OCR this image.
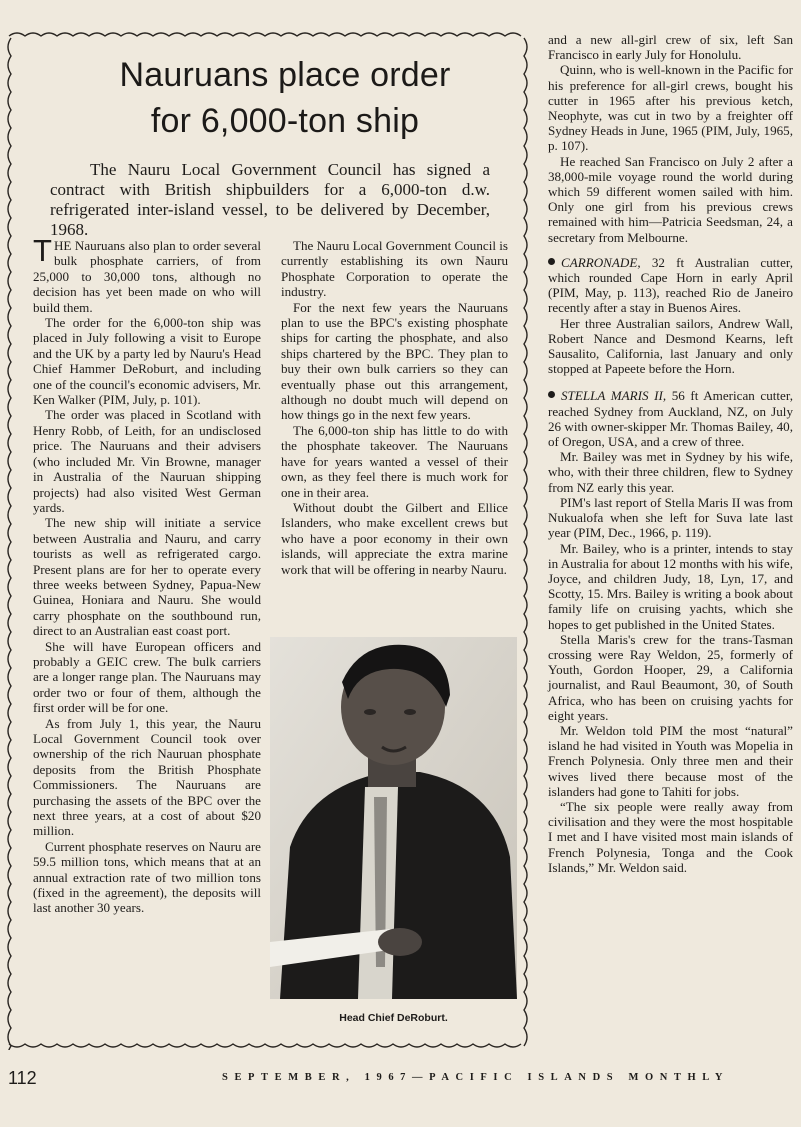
Nauruans place order
for 6,000-ton ship
The Nauru Local Government Council has signed a contract with British shipbuilders for a 6,000-ton d.w. refrigerated inter-island vessel, to be delivered by December, 1968.

THE Nauruans also plan to order several bulk phosphate carriers, of from 25,000 to 30,000 tons, although no decision has yet been made on who will build them.

The order for the 6,000-ton ship was placed in July following a visit to Europe and the UK by a party led by Nauru's Head Chief Hammer DeRoburt, and including one of the council's economic advisers, Mr. Ken Walker (PIM, July, p. 101).

The order was placed in Scotland with Henry Robb, of Leith, for an undisclosed price. The Nauruans and their advisers (who included Mr. Vin Browne, manager in Australia of the Nauruan shipping projects) had also visited West German yards.

The new ship will initiate a service between Australia and Nauru, and carry tourists as well as refrigerated cargo. Present plans are for her to operate every three weeks between Sydney, Papua-New Guinea, Honiara and Nauru. She would carry phosphate on the southbound run, direct to an Australian east coast port.

She will have European officers and probably a GEIC crew. The bulk carriers are a longer range plan. The Nauruans may order two or four of them, although the first order will be for one.

As from July 1, this year, the Nauru Local Government Council took over ownership of the rich Nauruan phosphate deposits from the British Phosphate Commissioners. The Nauruans are purchasing the assets of the BPC over the next three years, at a cost of about $20 million.

Current phosphate reserves on Nauru are 59.5 million tons, which means that at an annual extraction rate of two million tons (fixed in the agreement), the deposits will last another 30 years.

The Nauru Local Government Council is currently establishing its own Nauru Phosphate Corporation to operate the industry.

For the next few years the Nauruans plan to use the BPC's existing phosphate ships for carting the phosphate, and also ships chartered by the BPC. They plan to buy their own bulk carriers so they can eventually phase out this arrangement, although no doubt much will depend on how things go in the next few years.

The 6,000-ton ship has little to do with the phosphate takeover. The Nauruans have for years wanted a vessel of their own, as they feel there is much work for one in their area.

Without doubt the Gilbert and Ellice Islanders, who make excellent crews but who have a poor economy in their own islands, will appreciate the extra marine work that will be offering in nearby Nauru.

Head Chief DeRoburt.

and a new all-girl crew of six, left San Francisco in early July for Honolulu.

Quinn, who is well-known in the Pacific for his preference for all-girl crews, bought his cutter in 1965 after his previous ketch, Neophyte, was cut in two by a freighter off Sydney Heads in June, 1965 (PIM, July, 1965, p. 107).

He reached San Francisco on July 2 after a 38,000-mile voyage round the world during which 59 different women sailed with him. Only one girl from his previous crews remained with him—Patricia Seedsman, 24, a secretary from Melbourne.

CARRONADE, 32 ft Australian cutter, which rounded Cape Horn in early April (PIM, May, p. 113), reached Rio de Janeiro recently after a stay in Buenos Aires.

Her three Australian sailors, Andrew Wall, Robert Nance and Desmond Kearns, left Sausalito, California, last January and only stopped at Papeete before the Horn.

STELLA MARIS II, 56 ft American cutter, reached Sydney from Auckland, NZ, on July 26 with owner-skipper Mr. Thomas Bailey, 40, of Oregon, USA, and a crew of three.

Mr. Bailey was met in Sydney by his wife, who, with their three children, flew to Sydney from NZ early this year.

PIM's last report of Stella Maris II was from Nukualofa when she left for Suva late last year (PIM, Dec., 1966, p. 119).

Mr. Bailey, who is a printer, intends to stay in Australia for about 12 months with his wife, Joyce, and children Judy, 18, Lyn, 17, and Scotty, 15. Mrs. Bailey is writing a book about family life on cruising yachts, which she hopes to get published in the United States.

Stella Maris's crew for the trans-Tasman crossing were Ray Weldon, 25, formerly of Youth, Gordon Hooper, 29, a California journalist, and Raul Beaumont, 30, of South Africa, who has been on cruising yachts for eight years.

Mr. Weldon told PIM the most “natural” island he had visited in Youth was Mopelia in French Polynesia. Only three men and their wives lived there because most of the islanders had gone to Tahiti for jobs.

“The six people were really away from civilisation and they were the most hospitable I met and I have visited most main islands of French Polynesia, Tonga and the Cook Islands,” Mr. Weldon said.

112	SEPTEMBER, 1967—PACIFIC ISLANDS MONTHLY
